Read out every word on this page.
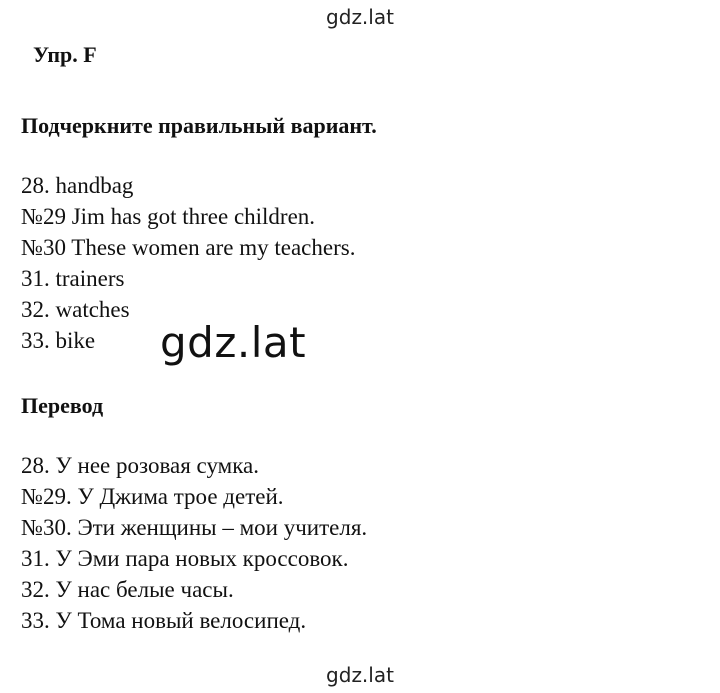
gdz.lat
Упр. F
Подчеркните правильный вариант.
28. handbag
№29 Jim has got three children.
№30 These women are my teachers.
31. trainers
32. watches
33. bike	gdz.lat
Перевод
28. У нее розовая сумка.
№29. У Джима трое детей.
№30. Эти женщины – мои учителя.
31. У Эми пара новых кроссовок.
32. У нас белые часы.
33. У Тома новый велосипед.
gdz.lat
